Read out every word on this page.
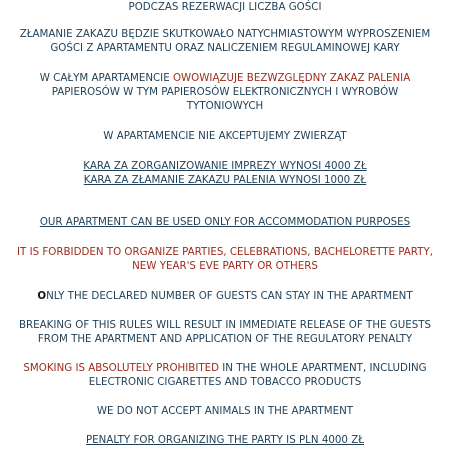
PODCZAS REZERWACJI LICZBA GOŚCI

ZŁAMANIE ZAKAZU BĘDZIE SKUTKOWAŁO NATYCHMIASTOWYM WYPROSZENIEM
GOŚCI Z APARTAMENTU ORAZ NALICZENIEM REGULAMINOWEJ KARY

W CAŁYM APARTAMENCIE OWOWIĄZUJE BEZWZGLĘDNY ZAKAZ PALENIA
PAPIEROSÓW W TYM PAPIEROSÓW ELEKTRONICZNYCH I WYROBÓW
TYTONIOWYCH

W APARTAMENCIE NIE AKCEPTUJEMY ZWIERZĄT

KARA ZA ZORGANIZOWANIE IMPREZY WYNOSI 4000 ZŁ
KARA ZA ZŁAMANIE ZAKAZU PALENIA WYNOSI 1000 ZŁ

OUR APARTMENT CAN BE USED ONLY FOR ACCOMMODATION PURPOSES

IT IS FORBIDDEN TO ORGANIZE PARTIES, CELEBRATIONS, BACHELORETTE PARTY,
NEW YEAR'S EVE PARTY OR OTHERS

ONLY THE DECLARED NUMBER OF GUESTS CAN STAY IN THE APARTMENT

BREAKING OF THIS RULES WILL RESULT IN IMMEDIATE RELEASE OF THE GUESTS
FROM THE APARTMENT AND APPLICATION OF THE REGULATORY PENALTY

SMOKING IS ABSOLUTELY PROHIBITED IN THE WHOLE APARTMENT, INCLUDING
ELECTRONIC CIGARETTES AND TOBACCO PRODUCTS

WE DO NOT ACCEPT ANIMALS IN THE APARTMENT

PENALTY FOR ORGANIZING THE PARTY IS PLN 4000 ZŁ
